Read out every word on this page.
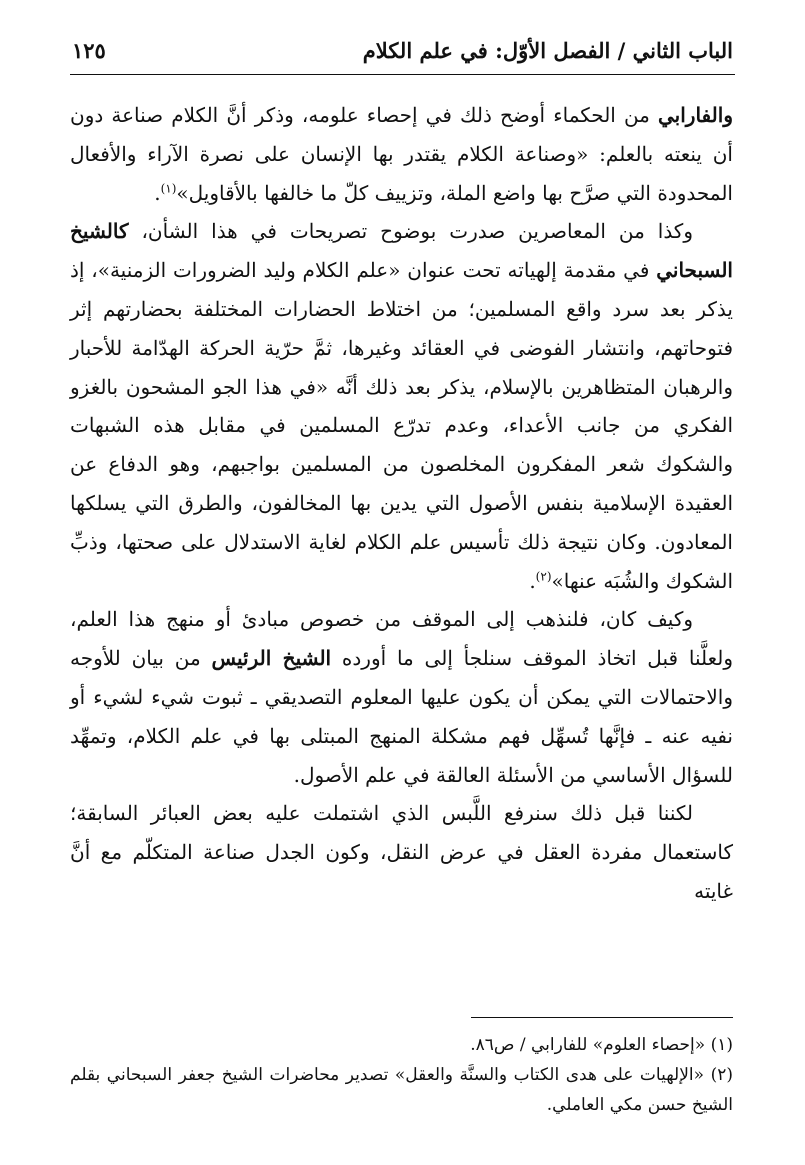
الباب الثاني / الفصل الأوّل: في علم الكلام
١٢٥

والفارابي من الحكماء أوضح ذلك في إحصاء علومه، وذكر أنَّ الكلام صناعة دون أن ينعته بالعلم: «وصناعة الكلام يقتدر بها الإنسان على نصرة الآراء والأفعال المحدودة التي صرَّح بها واضع الملة، وتزييف كلّ ما خالفها بالأقاويل»$^{(١)}$.

وكذا من المعاصرين صدرت بوضوح تصريحات في هذا الشأن، كالشيخ السبحاني في مقدمة إلهياته تحت عنوان «علم الكلام وليد الضرورات الزمنية»، إذ يذكر بعد سرد واقع المسلمين؛ من اختلاط الحضارات المختلفة بحضارتهم إثر فتوحاتهم، وانتشار الفوضى في العقائد وغيرها، ثمَّ حرّية الحركة الهدّامة للأحبار والرهبان المتظاهرين بالإسلام، يذكر بعد ذلك أنَّه «في هذا الجو المشحون بالغزو الفكري من جانب الأعداء، وعدم تدرّع المسلمين في مقابل هذه الشبهات والشكوك شعر المفكرون المخلصون من المسلمين بواجبهم، وهو الدفاع عن العقيدة الإسلامية بنفس الأصول التي يدين بها المخالفون، والطرق التي يسلكها المعادون. وكان نتيجة ذلك تأسيس علم الكلام لغاية الاستدلال على صحتها، وذبِّ الشكوك والشُبَه عنها»$^{(٢)}$.

وكيف كان، فلنذهب إلى الموقف من خصوص مبادئ أو منهج هذا العلم، ولعلَّنا قبل اتخاذ الموقف سنلجأ إلى ما أورده الشيخ الرئيس من بيان للأوجه والاحتمالات التي يمكن أن يكون عليها المعلوم التصديقي ـ ثبوت شيء لشيء أو نفيه عنه ـ فإنَّها تُسهِّل فهم مشكلة المنهج المبتلى بها في علم الكلام، وتمهِّد للسؤال الأساسي من الأسئلة العالقة في علم الأصول.

لكننا قبل ذلك سنرفع اللَّبس الذي اشتملت عليه بعض العبائر السابقة؛ كاستعمال مفردة العقل في عرض النقل، وكون الجدل صناعة المتكلّم مع أنَّ غايته

(١) «إحصاء العلوم» للفارابي / ص٨٦.

(٢) «الإلهيات على هدى الكتاب والسنَّة والعقل» تصدير محاضرات الشيخ جعفر السبحاني بقلم الشيخ حسن مكي العاملي.
